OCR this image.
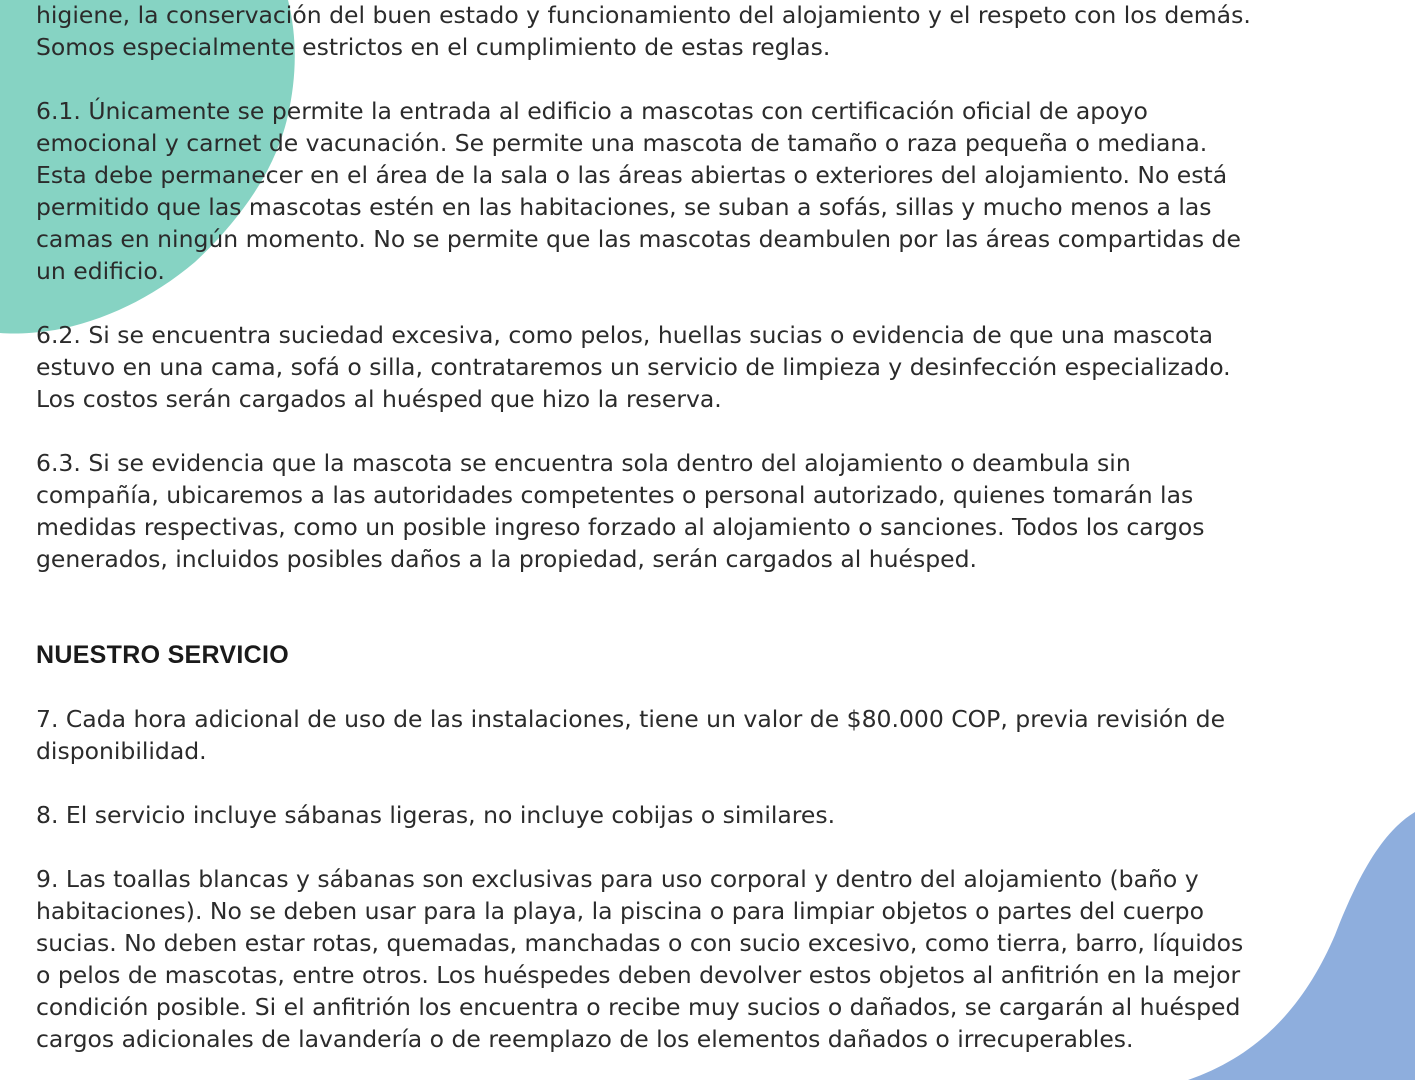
higiene, la conservación del buen estado y funcionamiento del alojamiento y el respeto con los demás.
Somos especialmente estrictos en el cumplimiento de estas reglas.

6.1. Únicamente se permite la entrada al edificio a mascotas con certificación oficial de apoyo
emocional y carnet de vacunación. Se permite una mascota de tamaño o raza pequeña o mediana.
Esta debe permanecer en el área de la sala o las áreas abiertas o exteriores del alojamiento. No está
permitido que las mascotas estén en las habitaciones, se suban a sofás, sillas y mucho menos a las
camas en ningún momento. No se permite que las mascotas deambulen por las áreas compartidas de
un edificio.

6.2. Si se encuentra suciedad excesiva, como pelos, huellas sucias o evidencia de que una mascota
estuvo en una cama, sofá o silla, contrataremos un servicio de limpieza y desinfección especializado.
Los costos serán cargados al huésped que hizo la reserva.

6.3. Si se evidencia que la mascota se encuentra sola dentro del alojamiento o deambula sin
compañía, ubicaremos a las autoridades competentes o personal autorizado, quienes tomarán las
medidas respectivas, como un posible ingreso forzado al alojamiento o sanciones. Todos los cargos
generados, incluidos posibles daños a la propiedad, serán cargados al huésped.

NUESTRO SERVICIO

7. Cada hora adicional de uso de las instalaciones, tiene un valor de $80.000 COP, previa revisión de
disponibilidad.

8. El servicio incluye sábanas ligeras, no incluye cobijas o similares.

9. Las toallas blancas y sábanas son exclusivas para uso corporal y dentro del alojamiento (baño y
habitaciones). No se deben usar para la playa, la piscina o para limpiar objetos o partes del cuerpo
sucias. No deben estar rotas, quemadas, manchadas o con sucio excesivo, como tierra, barro, líquidos
o pelos de mascotas, entre otros. Los huéspedes deben devolver estos objetos al anfitrión en la mejor
condición posible. Si el anfitrión los encuentra o recibe muy sucios o dañados, se cargarán al huésped
cargos adicionales de lavandería o de reemplazo de los elementos dañados o irrecuperables.
